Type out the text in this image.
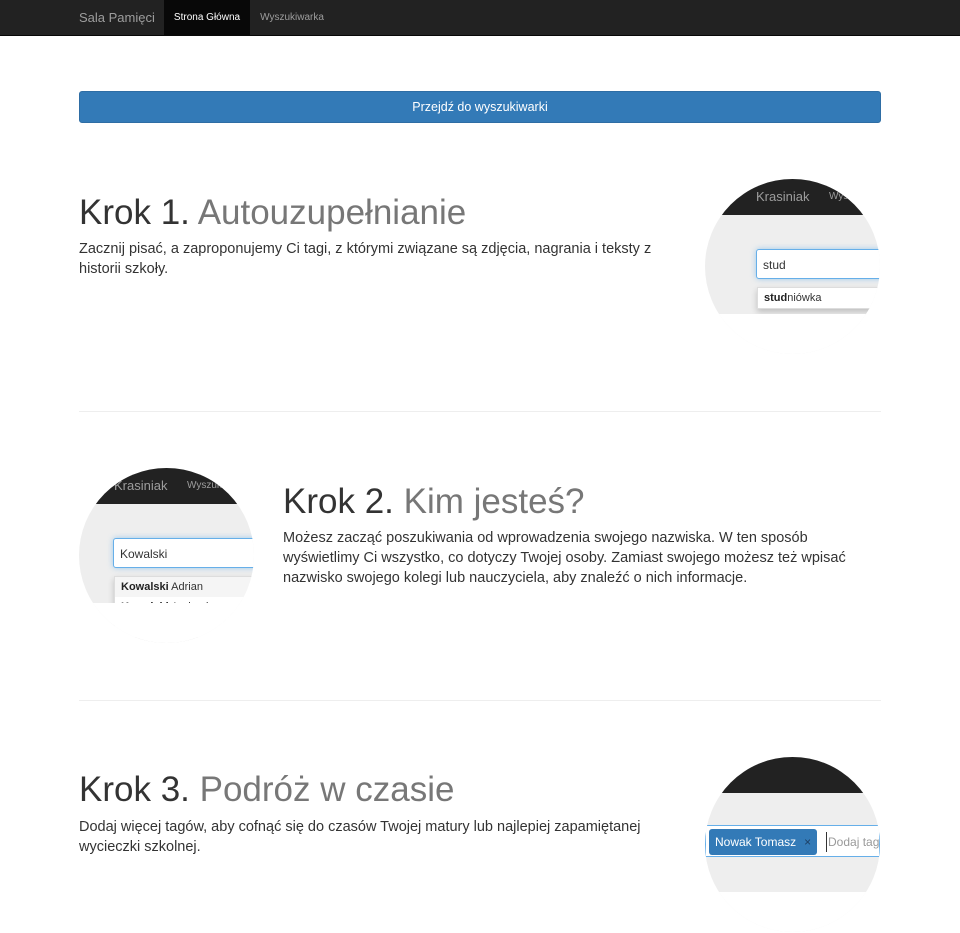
Sala Pamięci	Strona Główna	Wyszukiwarka
Przejdź do wyszukiwarki
Krok 1. Autouzupełnianie

Zacznij pisać, a zaproponujemy Ci tagi, z którymi związane są zdjęcia, nagrania i teksty z historii szkoły.

Krasiniak Wysz
stud
studniówka
Krasiniak Wyszuk
Kowalski
Kowalski Adrian
Krok 2. Kim jesteś?

Możesz zacząć poszukiwania od wprowadzenia swojego nazwiska. W ten sposób wyświetlimy Ci wszystko, co dotyczy Twojej osoby. Zamiast swojego możesz też wpisać nazwisko swojego kolegi lub nauczyciela, aby znaleźć o nich informacje.

Krok 3. Podróż w czasie

Dodaj więcej tagów, aby cofnąć się do czasów Twojej matury lub najlepiej zapamiętanej wycieczki szkolnej.	Nowak Tomasz ×	Dodaj tag
